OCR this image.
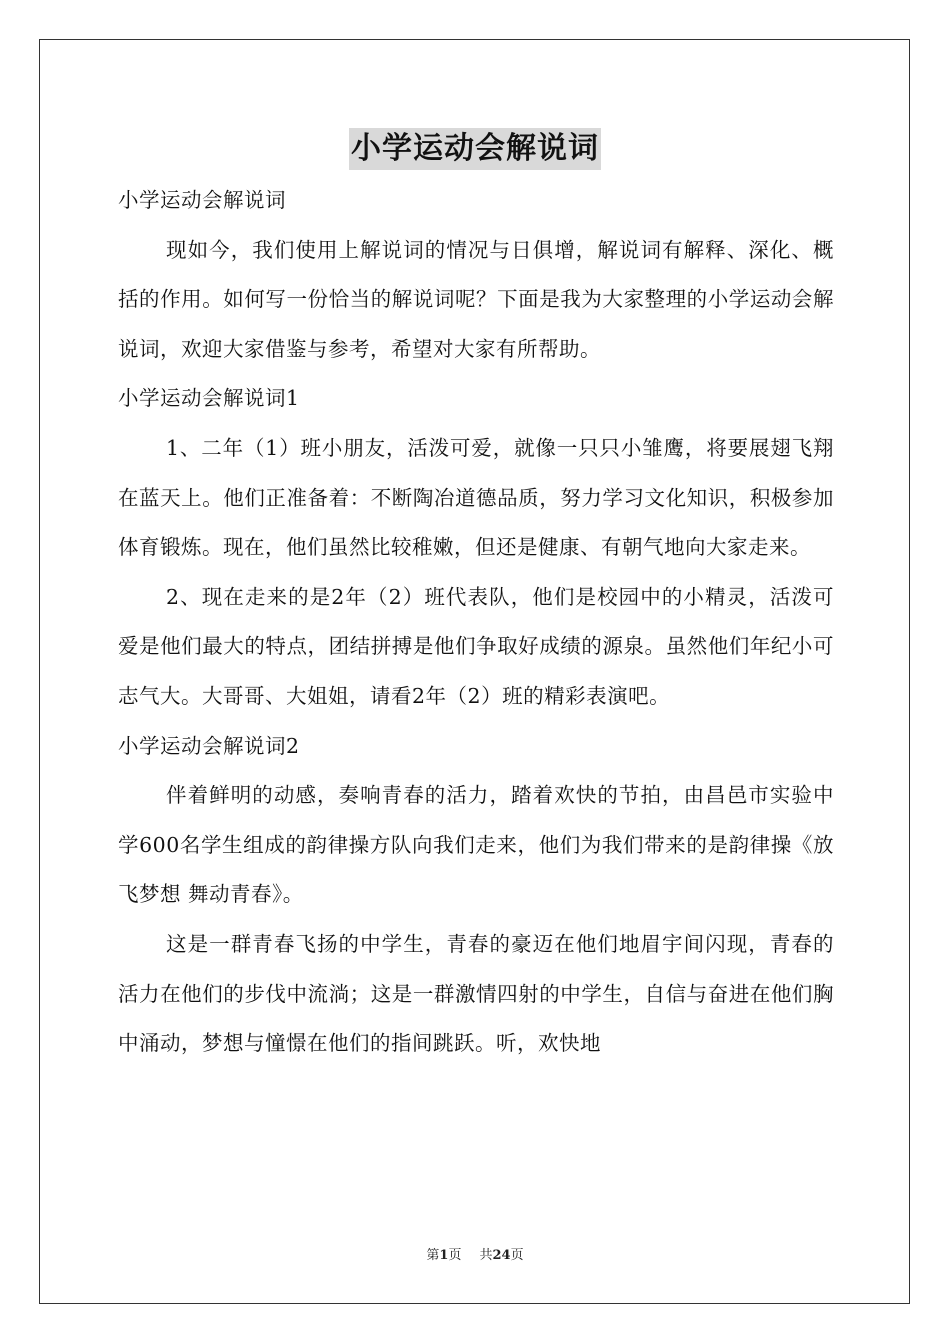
小学运动会解说词

小学运动会解说词

现如今，我们使用上解说词的情况与日俱增，解说词有解释、深化、概括的作用。如何写一份恰当的解说词呢？下面是我为大家整理的小学运动会解说词，欢迎大家借鉴与参考，希望对大家有所帮助。

小学运动会解说词1

1、二年（1）班小朋友，活泼可爱，就像一只只小雏鹰，将要展翅飞翔在蓝天上。他们正准备着：不断陶冶道德品质，努力学习文化知识，积极参加体育锻炼。现在，他们虽然比较稚嫩，但还是健康、有朝气地向大家走来。

2、现在走来的是2年（2）班代表队，他们是校园中的小精灵，活泼可爱是他们最大的特点，团结拼搏是他们争取好成绩的源泉。虽然他们年纪小可志气大。大哥哥、大姐姐，请看2年（2）班的精彩表演吧。

小学运动会解说词2

伴着鲜明的动感，奏响青春的活力，踏着欢快的节拍，由昌邑市实验中学600名学生组成的韵律操方队向我们走来，他们为我们带来的是韵律操《放飞梦想 舞动青春》。

这是一群青春飞扬的中学生，青春的豪迈在他们地眉宇间闪现，青春的活力在他们的步伐中流淌；这是一群激情四射的中学生，自信与奋进在他们胸中涌动，梦想与憧憬在他们的指间跳跃。听，欢快地

第1页 共24页
